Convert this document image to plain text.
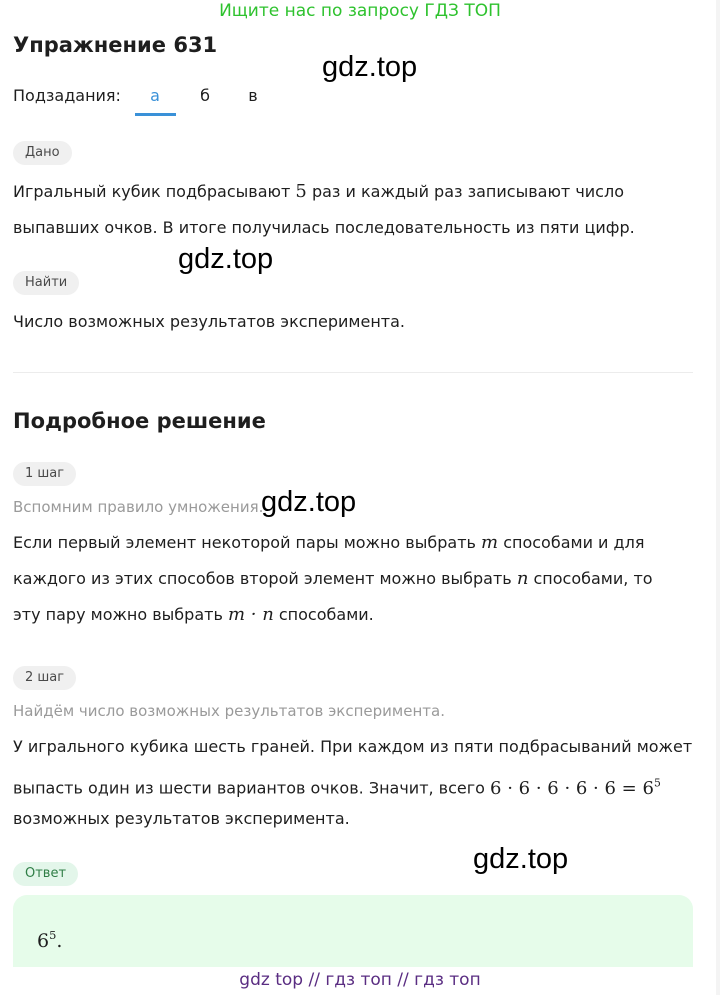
Ищите нас по запросу ГДЗ ТОП
Упражнение 631
gdz.top
Подзадания:	а	б	в
Дано
Игральный кубик подбрасывают 5 раз и каждый раз записывают число
выпавших очков. В итоге получилась последовательность из пяти цифр.
gdz.top
Найти
Число возможных результатов эксперимента.
Подробное решение
1 шаг
Вспомним правило умножения.
gdz.top
Если первый элемент некоторой пары можно выбрать m способами и для
каждого из этих способов второй элемент можно выбрать n способами, то
эту пару можно выбрать m · n способами.
2 шаг
Найдём число возможных результатов эксперимента.
У игрального кубика шесть граней. При каждом из пяти подбрасываний может
выпасть один из шести вариантов очков. Значит, всего $6 \cdot 6 \cdot 6 \cdot 6 \cdot 6 = 6^5$
возможных результатов эксперимента.
gdz.top
Ответ
$6^5$.
gdz top // гдз топ // гдз топ
